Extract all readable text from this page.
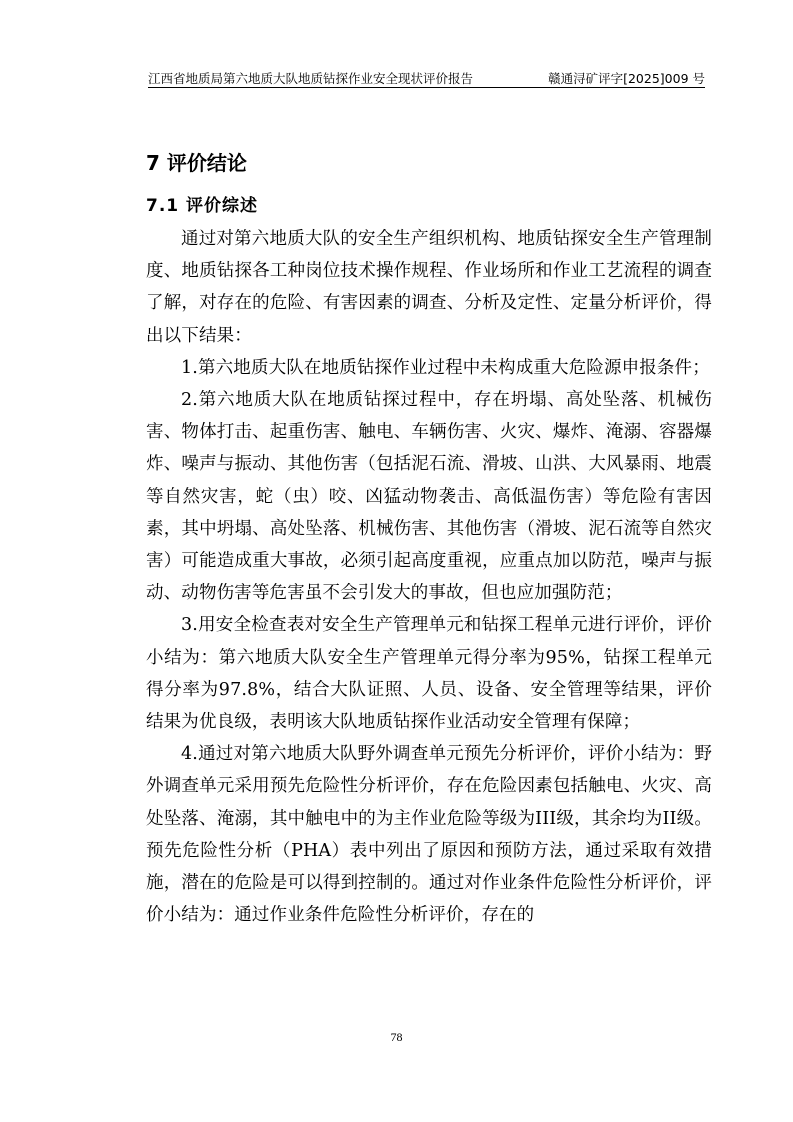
江西省地质局第六地质大队地质钻探作业安全现状评价报告	赣通浔矿评字[2025]009 号
7 评价结论
7.1 评价综述

通过对第六地质大队的安全生产组织机构、地质钻探安全生产管理制度、地质钻探各工种岗位技术操作规程、作业场所和作业工艺流程的调查了解，对存在的危险、有害因素的调查、分析及定性、定量分析评价，得出以下结果：

1.第六地质大队在地质钻探作业过程中未构成重大危险源申报条件；

2.第六地质大队在地质钻探过程中，存在坍塌、高处坠落、机械伤害、物体打击、起重伤害、触电、车辆伤害、火灾、爆炸、淹溺、容器爆炸、噪声与振动、其他伤害（包括泥石流、滑坡、山洪、大风暴雨、地震等自然灾害，蛇（虫）咬、凶猛动物袭击、高低温伤害）等危险有害因素，其中坍塌、高处坠落、机械伤害、其他伤害（滑坡、泥石流等自然灾害）可能造成重大事故，必须引起高度重视，应重点加以防范，噪声与振动、动物伤害等危害虽不会引发大的事故，但也应加强防范；

3.用安全检查表对安全生产管理单元和钻探工程单元进行评价，评价小结为：第六地质大队安全生产管理单元得分率为95%，钻探工程单元得分率为97.8%，结合大队证照、人员、设备、安全管理等结果，评价结果为优良级，表明该大队地质钻探作业活动安全管理有保障；

4.通过对第六地质大队野外调查单元预先分析评价，评价小结为：野外调查单元采用预先危险性分析评价，存在危险因素包括触电、火灾、高处坠落、淹溺，其中触电中的为主作业危险等级为III级，其余均为II级。预先危险性分析（PHA）表中列出了原因和预防方法，通过采取有效措施，潜在的危险是可以得到控制的。通过对作业条件危险性分析评价，评价小结为：通过作业条件危险性分析评价，存在的

78
